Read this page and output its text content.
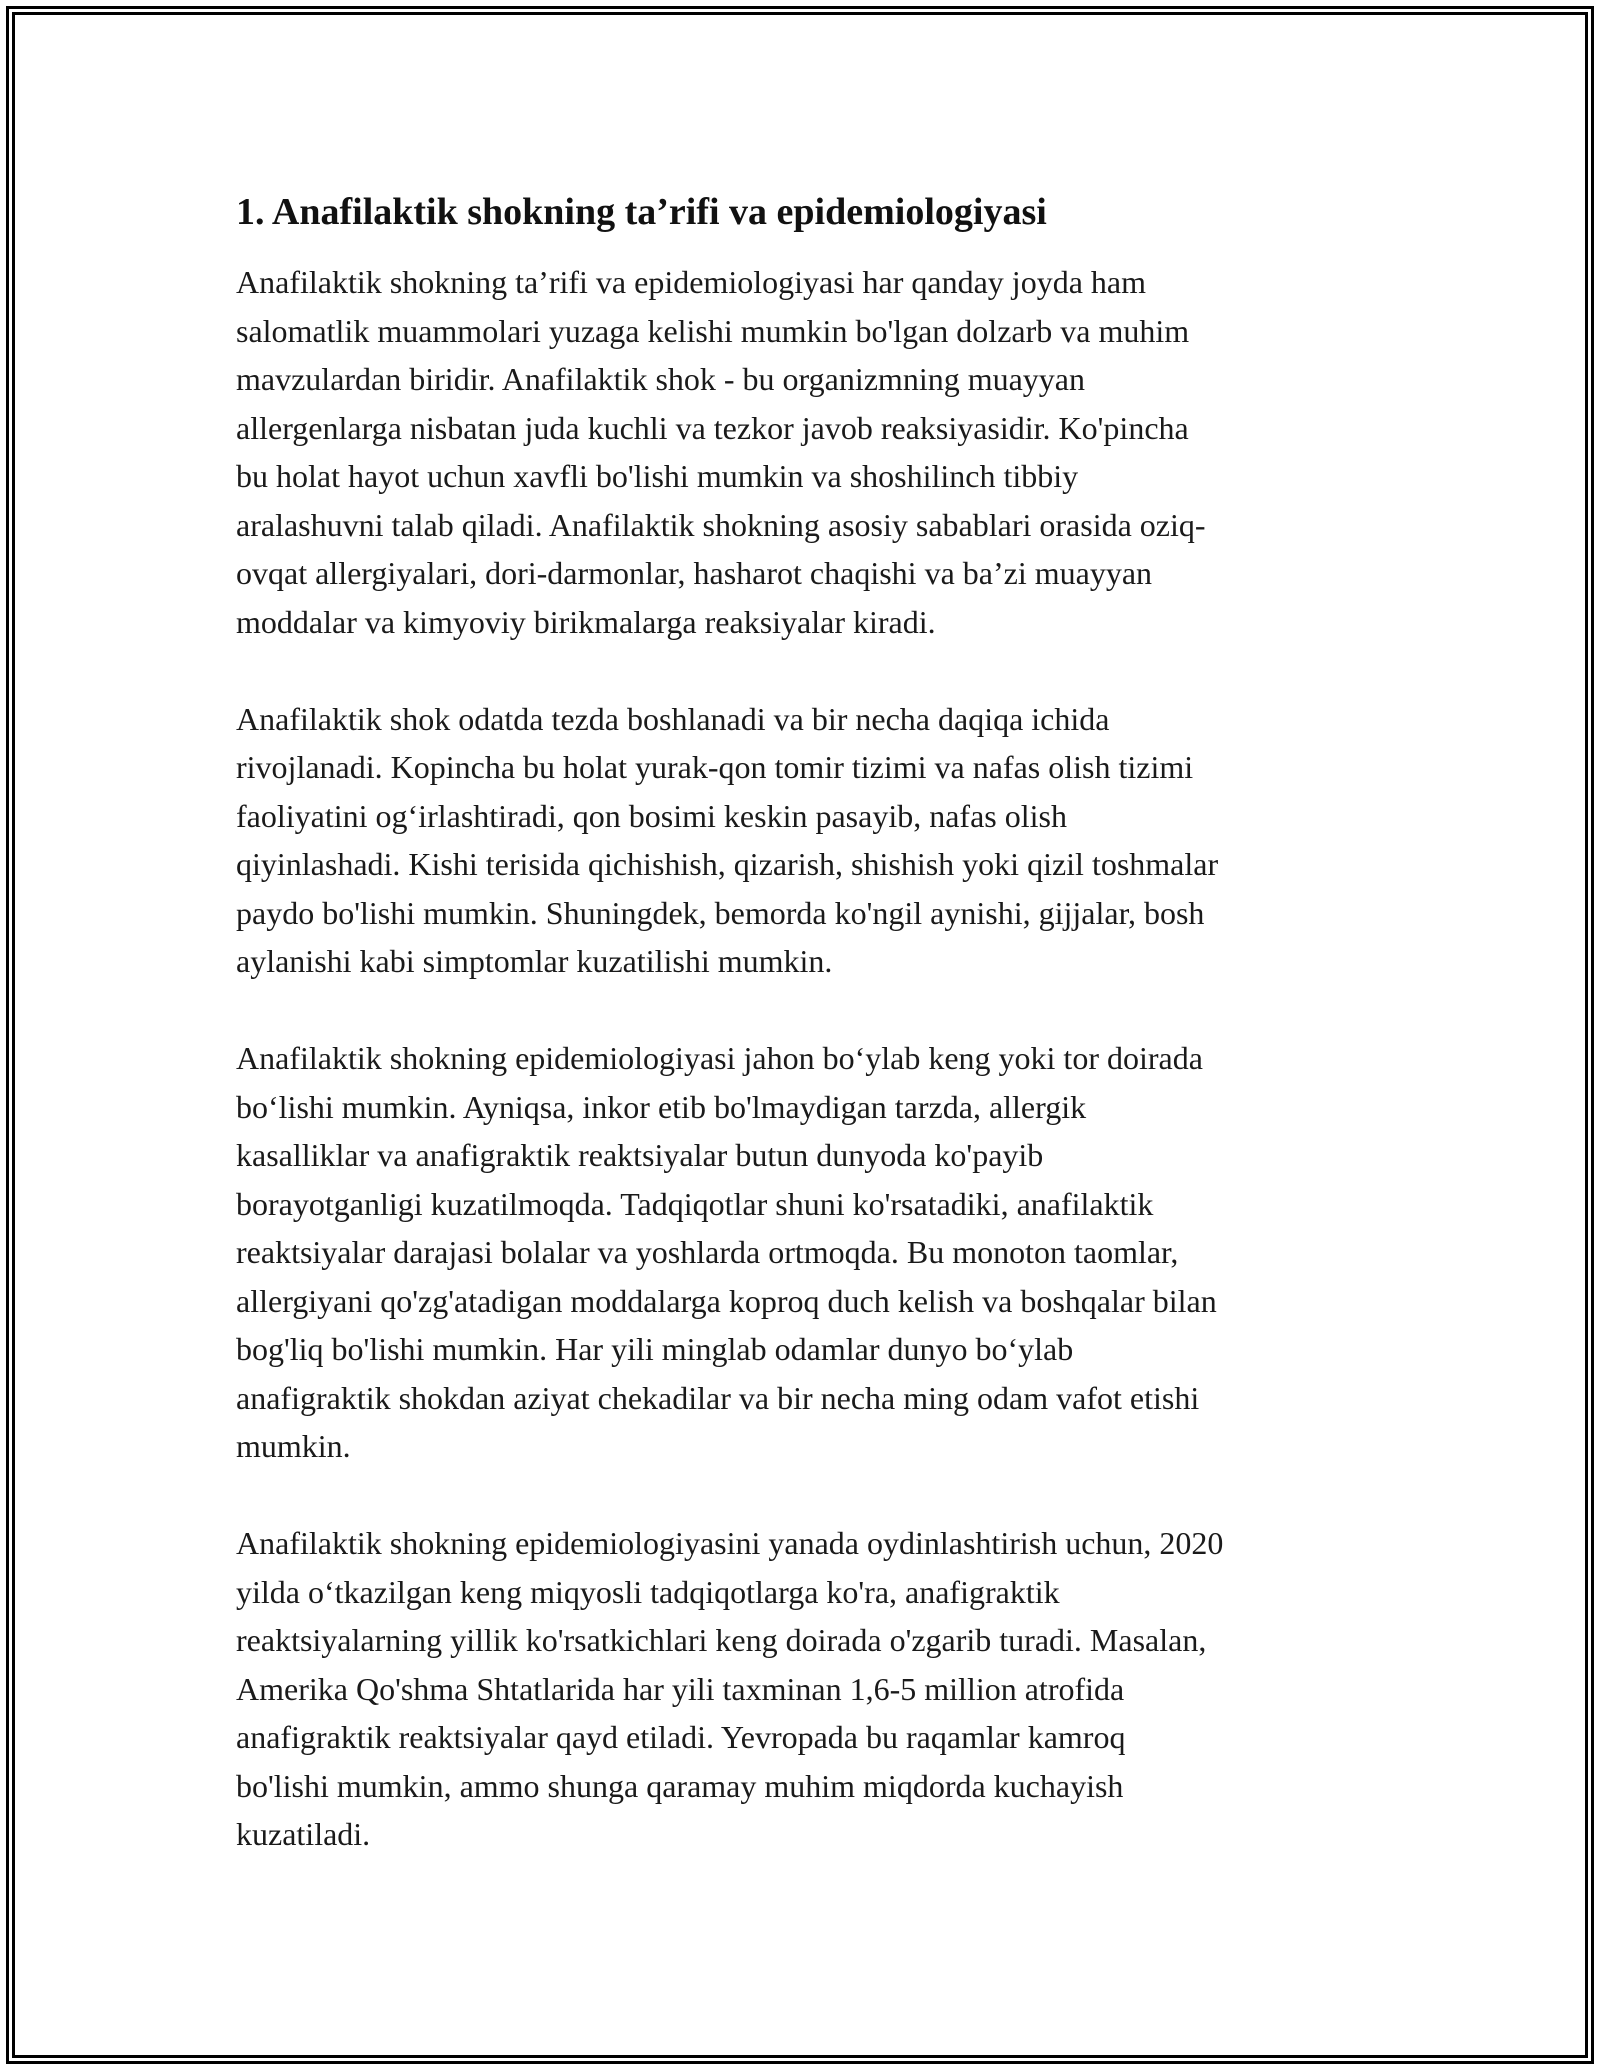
1. Anafilaktik shokning ta’rifi va epidemiologiyasi

Anafilaktik shokning ta’rifi va epidemiologiyasi har qanday joyda ham
salomatlik muammolari yuzaga kelishi mumkin bo'lgan dolzarb va muhim
mavzulardan biridir. Anafilaktik shok - bu organizmning muayyan
allergenlarga nisbatan juda kuchli va tezkor javob reaksiyasidir. Ko'pincha
bu holat hayot uchun xavfli bo'lishi mumkin va shoshilinch tibbiy
aralashuvni talab qiladi. Anafilaktik shokning asosiy sabablari orasida oziq-
ovqat allergiyalari, dori-darmonlar, hasharot chaqishi va ba’zi muayyan
moddalar va kimyoviy birikmalarga reaksiyalar kiradi.

Anafilaktik shok odatda tezda boshlanadi va bir necha daqiqa ichida
rivojlanadi. Kopincha bu holat yurak-qon tomir tizimi va nafas olish tizimi
faoliyatini og‘irlashtiradi, qon bosimi keskin pasayib, nafas olish
qiyinlashadi. Kishi terisida qichishish, qizarish, shishish yoki qizil toshmalar
paydo bo'lishi mumkin. Shuningdek, bemorda ko'ngil aynishi, gijjalar, bosh
aylanishi kabi simptomlar kuzatilishi mumkin.

Anafilaktik shokning epidemiologiyasi jahon bo‘ylab keng yoki tor doirada
bo‘lishi mumkin. Ayniqsa, inkor etib bo'lmaydigan tarzda, allergik
kasalliklar va anafigraktik reaktsiyalar butun dunyoda ko'payib
borayotganligi kuzatilmoqda. Tadqiqotlar shuni ko'rsatadiki, anafilaktik
reaktsiyalar darajasi bolalar va yoshlarda ortmoqda. Bu monoton taomlar,
allergiyani qo'zg'atadigan moddalarga koproq duch kelish va boshqalar bilan
bog'liq bo'lishi mumkin. Har yili minglab odamlar dunyo bo‘ylab
anafigraktik shokdan aziyat chekadilar va bir necha ming odam vafot etishi
mumkin.

Anafilaktik shokning epidemiologiyasini yanada oydinlashtirish uchun, 2020
yilda o‘tkazilgan keng miqyosli tadqiqotlarga ko'ra, anafigraktik
reaktsiyalarning yillik ko'rsatkichlari keng doirada o'zgarib turadi. Masalan,
Amerika Qo'shma Shtatlarida har yili taxminan 1,6-5 million atrofida
anafigraktik reaktsiyalar qayd etiladi. Yevropada bu raqamlar kamroq
bo'lishi mumkin, ammo shunga qaramay muhim miqdorda kuchayish
kuzatiladi.
